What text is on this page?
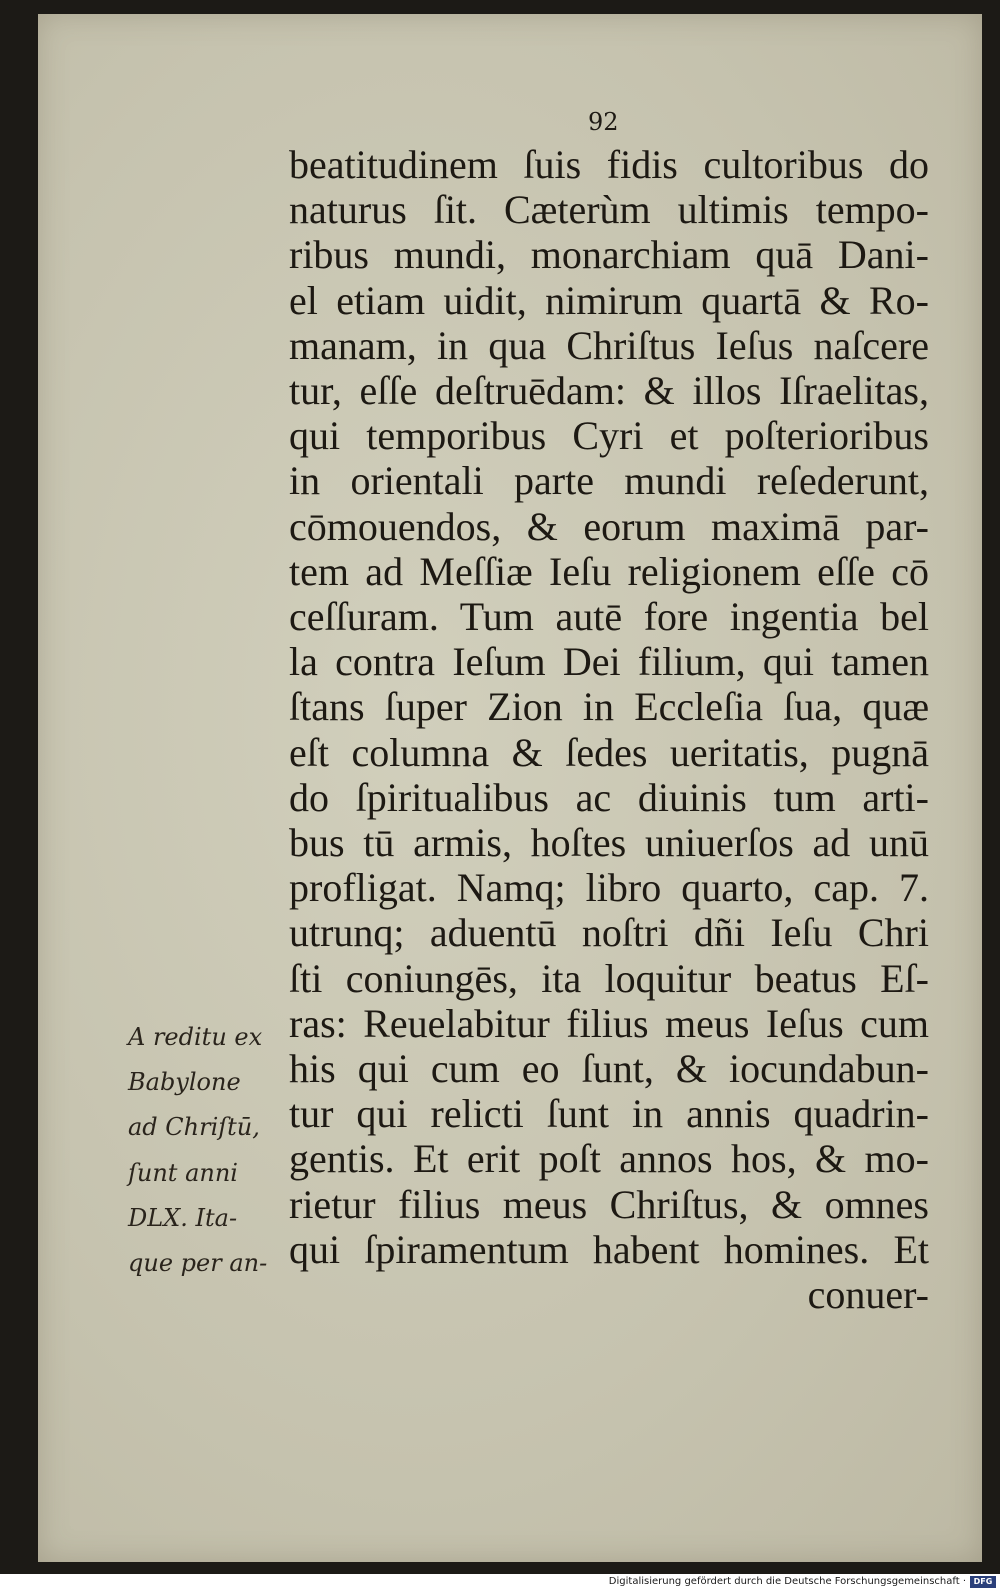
92
beatitudinem ſuis fidis cultoribus do
naturus ſit. Cæterùm ultimis tempo-
ribus mundi, monarchiam quā Dani-
el etiam uidit, nimirum quartā & Ro-
manam, in qua Chriſtus Ieſus naſcere
tur, eſſe deſtruēdam: & illos Iſraelitas,
qui temporibus Cyri et poſterioribus
in orientali parte mundi reſederunt,
cōmouendos, & eorum maximā par-
tem ad Meſſiæ Ieſu religionem eſſe cō
ceſſuram. Tum autē fore ingentia bel
la contra Ieſum Dei filium, qui tamen
ſtans ſuper Zion in Eccleſia ſua, quæ
eſt columna & ſedes ueritatis, pugnā
do ſpiritualibus ac diuinis tum arti-
bus tū armis, hoſtes uniuerſos ad unū
profligat. Namq; libro quarto, cap. 7.
utrunq; aduentū noſtri dñi Ieſu Chri
ſti coniungēs, ita loquitur beatus Eſ-
ras: Reuelabitur filius meus Ieſus cum
his qui cum eo ſunt, & iocundabun-
tur qui relicti ſunt in annis quadrin-
gentis. Et erit poſt annos hos, & mo-
rietur filius meus Chriſtus, & omnes
qui ſpiramentum habent homines. Et
conuer-
A reditu ex
Babylone
ad Chriſtū,
ſunt anni
DLX. Ita-
que per an-
Digitalisierung gefördert durch die Deutsche Forschungsgemeinschaft · DFG
